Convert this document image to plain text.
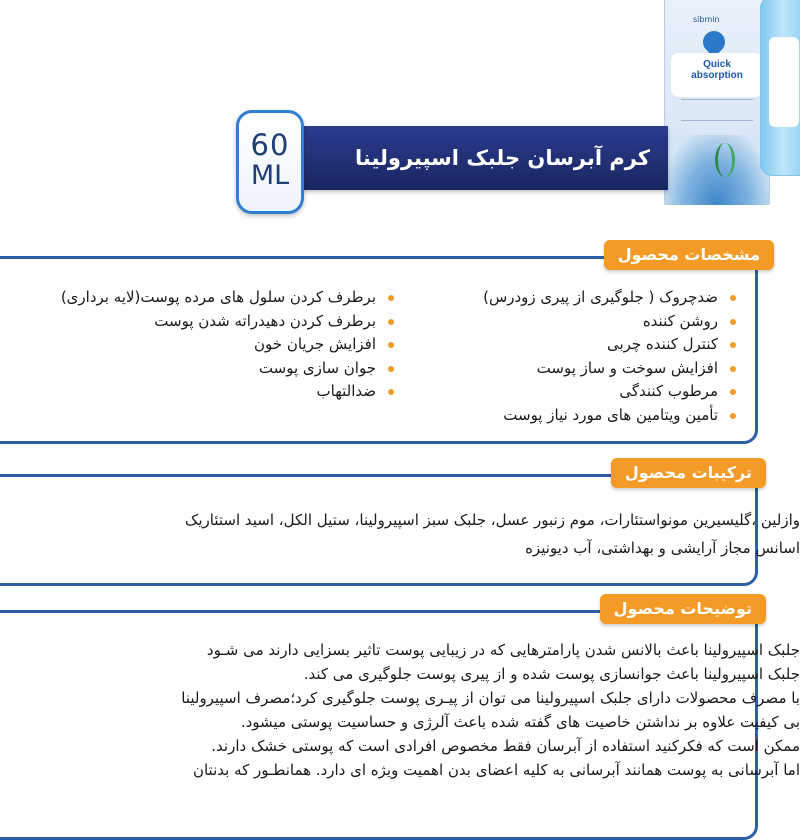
sibmin
Quick
absorption
کرم آبرسان جلبک اسپیرولینا
60
ML
مشخصات محصول
ضدچروک ( جلوگیری از پیری زودرس)
روشن کننده
کنترل کننده چربی
افزایش سوخت و ساز پوست
مرطوب کنندگی
تأمین ویتامین های مورد نیاز پوست
برطرف کردن سلول های مرده پوست(لایه برداری)
برطرف کردن دهیدراته شدن پوست
افزایش جریان خون
جوان سازی پوست
ضدالتهاب
ترکیبات محصول
وازلین ،گلیسیرین مونواستئارات، موم زنبور عسل، جلبک سبز اسپیرولینا، ستیل الکل، اسید استئاریک
اسانس مجاز آرایشی و بهداشتی، آب دیونیزه
توضیحات محصول
جلبک اسپیرولینا باعث بالانس شدن پارامترهایی که در زیبایی پوست تاثیر بسزایی دارند می شـود
جلبک اسپیرولینا باعث جوانسازی پوست شده و از پیری پوست جلوگیری می کند.
با مصرف محصولات دارای جلبک اسپیرولینا می توان از پیـری پوست جلوگیری کرد؛مصرف اسپیرولینا
بی کیفیت علاوه بر نداشتن خاصیت های گفته شده باعث آلرژی و حساسیت پوستی میشود.
ممکن است که فکرکنید استفاده از آبرسان فقط مخصوص افرادی است که پوستی خشک دارند.
اما آبرسانی به پوست همانند آبرسانی به کلیه اعضای بدن اهمیت ویژه ای دارد. همانطـور که بدنتان
